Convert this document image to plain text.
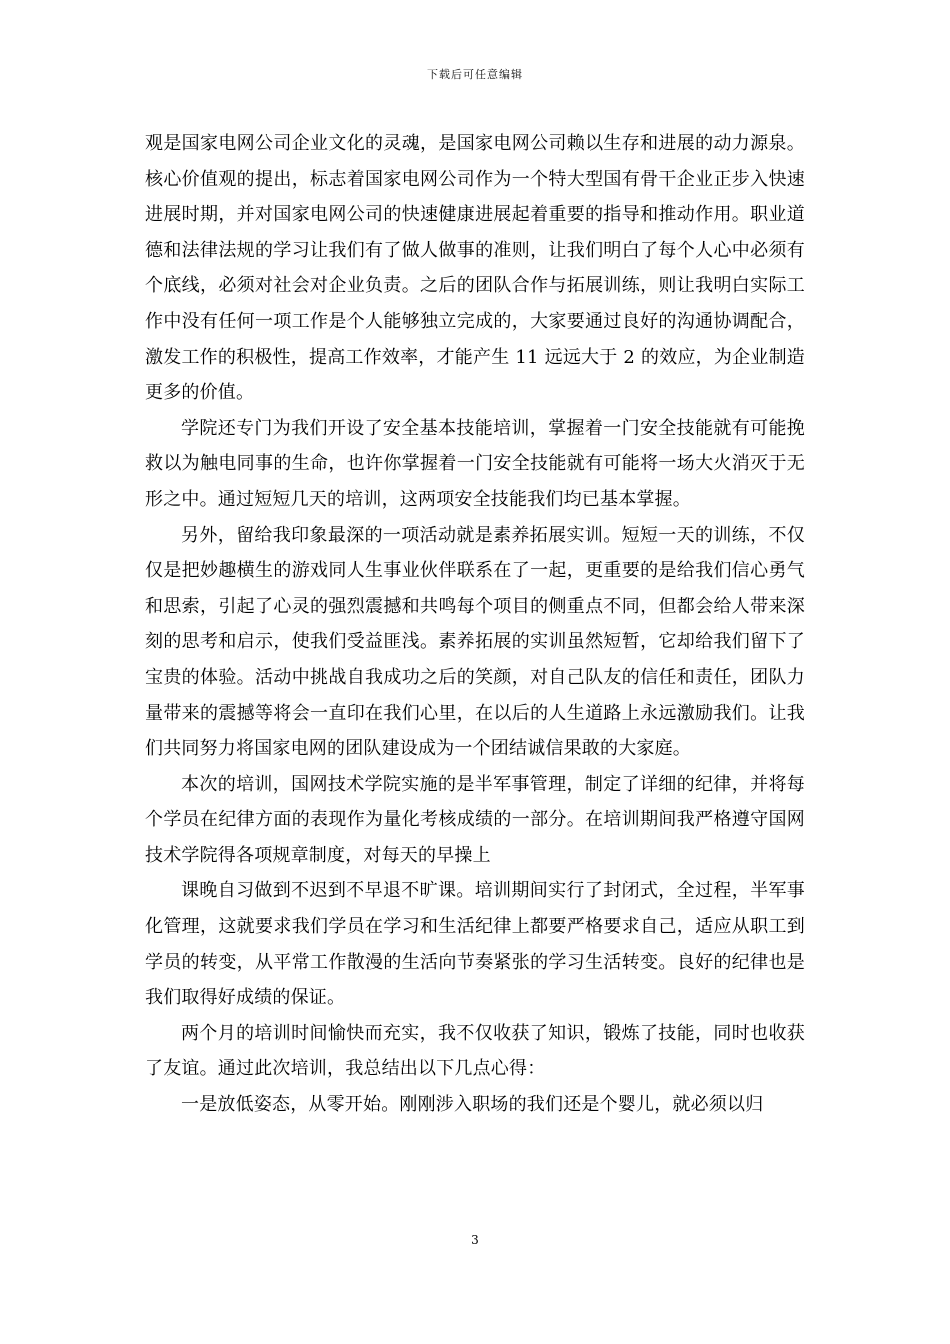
下载后可任意编辑

观是国家电网公司企业文化的灵魂，是国家电网公司赖以生存和进展的动力源泉。核心价值观的提出，标志着国家电网公司作为一个特大型国有骨干企业正步入快速进展时期，并对国家电网公司的快速健康进展起着重要的指导和推动作用。职业道德和法律法规的学习让我们有了做人做事的准则，让我们明白了每个人心中必须有个底线，必须对社会对企业负责。之后的团队合作与拓展训练，则让我明白实际工作中没有任何一项工作是个人能够独立完成的，大家要通过良好的沟通协调配合，激发工作的积极性，提高工作效率，才能产生 11 远远大于 2 的效应，为企业制造更多的价值。

学院还专门为我们开设了安全基本技能培训，掌握着一门安全技能就有可能挽救以为触电同事的生命，也许你掌握着一门安全技能就有可能将一场大火消灭于无形之中。通过短短几天的培训，这两项安全技能我们均已基本掌握。

另外，留给我印象最深的一项活动就是素养拓展实训。短短一天的训练，不仅仅是把妙趣横生的游戏同人生事业伙伴联系在了一起，更重要的是给我们信心勇气和思索，引起了心灵的强烈震撼和共鸣每个项目的侧重点不同，但都会给人带来深刻的思考和启示，使我们受益匪浅。素养拓展的实训虽然短暂，它却给我们留下了宝贵的体验。活动中挑战自我成功之后的笑颜，对自己队友的信任和责任，团队力量带来的震撼等将会一直印在我们心里，在以后的人生道路上永远激励我们。让我们共同努力将国家电网的团队建设成为一个团结诚信果敢的大家庭。

本次的培训，国网技术学院实施的是半军事管理，制定了详细的纪律，并将每个学员在纪律方面的表现作为量化考核成绩的一部分。在培训期间我严格遵守国网技术学院得各项规章制度，对每天的早操上

课晚自习做到不迟到不早退不旷课。培训期间实行了封闭式，全过程，半军事化管理，这就要求我们学员在学习和生活纪律上都要严格要求自己，适应从职工到学员的转变，从平常工作散漫的生活向节奏紧张的学习生活转变。良好的纪律也是我们取得好成绩的保证。

两个月的培训时间愉快而充实，我不仅收获了知识，锻炼了技能，同时也收获了友谊。通过此次培训，我总结出以下几点心得：

一是放低姿态，从零开始。刚刚涉入职场的我们还是个婴儿，就必须以归

3
